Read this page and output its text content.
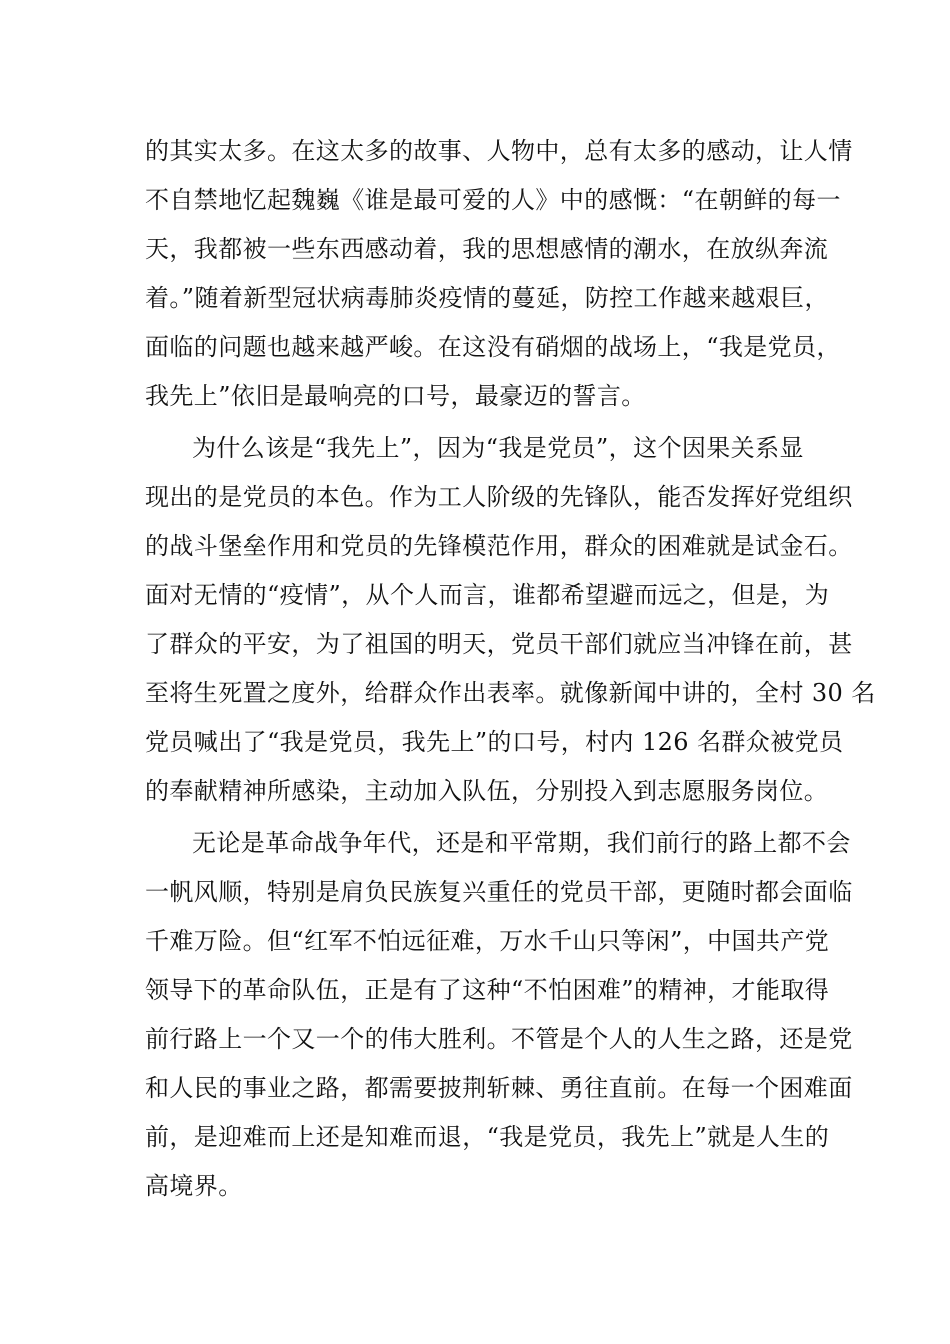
的其实太多。在这太多的故事、人物中，总有太多的感动，让人情
不自禁地忆起魏巍《谁是最可爱的人》中的感慨：“在朝鲜的每一
天，我都被一些东西感动着，我的思想感情的潮水，在放纵奔流
着。”随着新型冠状病毒肺炎疫情的蔓延，防控工作越来越艰巨，
面临的问题也越来越严峻。在这没有硝烟的战场上，“我是党员，
我先上”依旧是最响亮的口号，最豪迈的誓言。
为什么该是“我先上”，因为“我是党员”，这个因果关系显
现出的是党员的本色。作为工人阶级的先锋队，能否发挥好党组织
的战斗堡垒作用和党员的先锋模范作用，群众的困难就是试金石。
面对无情的“疫情”，从个人而言，谁都希望避而远之，但是，为
了群众的平安，为了祖国的明天，党员干部们就应当冲锋在前，甚
至将生死置之度外，给群众作出表率。就像新闻中讲的，全村 30 名
党员喊出了“我是党员，我先上”的口号，村内 126 名群众被党员
的奉献精神所感染，主动加入队伍，分别投入到志愿服务岗位。
无论是革命战争年代，还是和平常期，我们前行的路上都不会
一帆风顺，特别是肩负民族复兴重任的党员干部，更随时都会面临
千难万险。但“红军不怕远征难，万水千山只等闲”，中国共产党
领导下的革命队伍，正是有了这种“不怕困难”的精神，才能取得
前行路上一个又一个的伟大胜利。不管是个人的人生之路，还是党
和人民的事业之路，都需要披荆斩棘、勇往直前。在每一个困难面
前，是迎难而上还是知难而退，“我是党员，我先上”就是人生的
高境界。
